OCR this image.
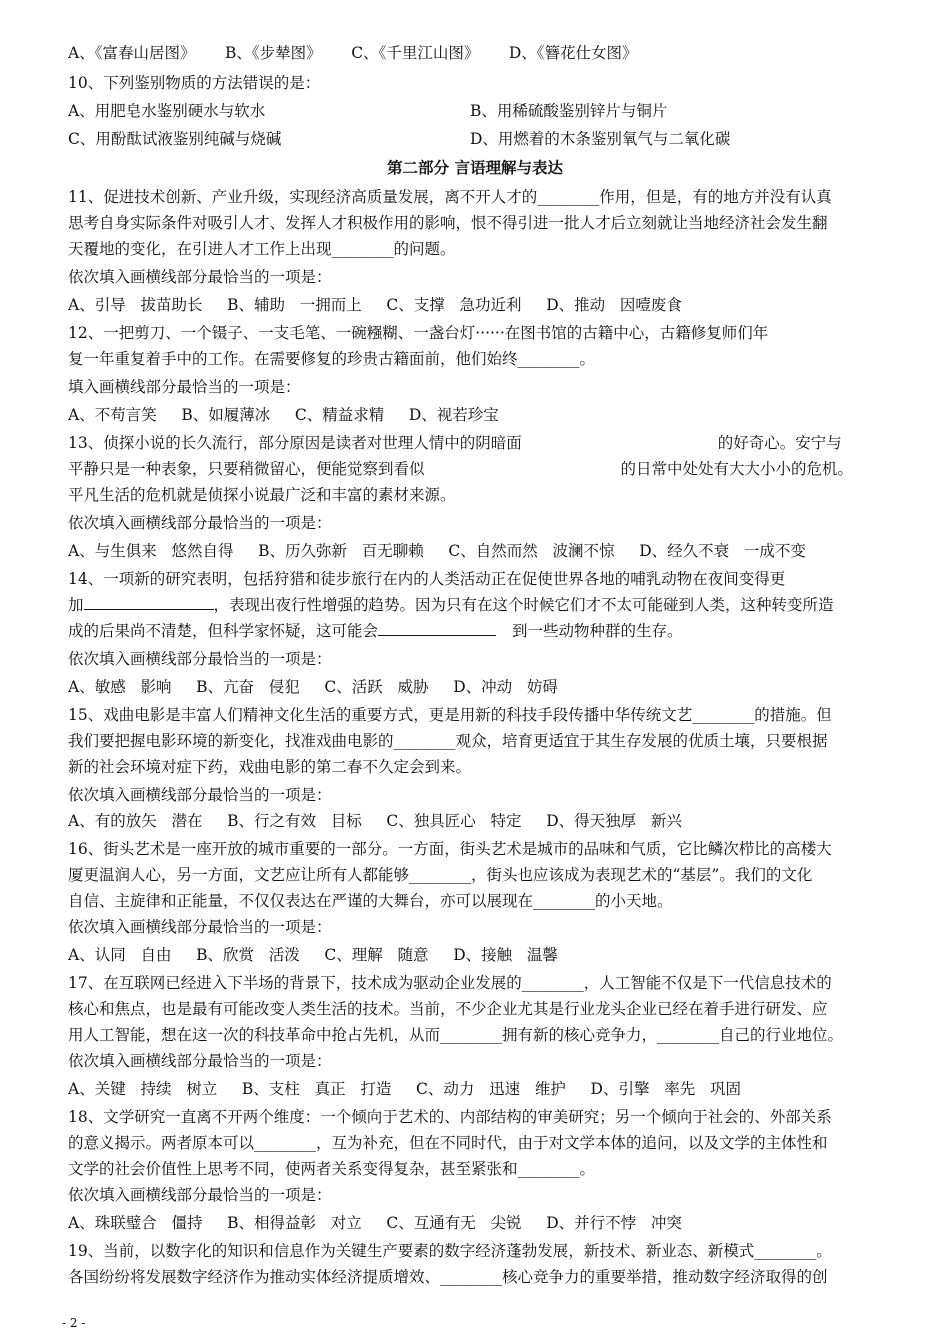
A、《富春山居图》      B、《步辇图》      C、《千里江山图》      D、《簪花仕女图》
10、下列鉴别物质的方法错误的是：
A、用肥皂水鉴别硬水与软水	B、用稀硫酸鉴别锌片与铜片
C、用酚酞试液鉴别纯碱与烧碱	D、用燃着的木条鉴别氧气与二氧化碳
第二部分 言语理解与表达
11、促进技术创新、产业升级，实现经济高质量发展，离不开人才的________作用，但是，有的地方并没有认真
思考自身实际条件对吸引人才、发挥人才积极作用的影响，恨不得引进一批人才后立刻就让当地经济社会发生翻
天覆地的变化，在引进人才工作上出现________的问题。
依次填入画横线部分最恰当的一项是：
A、引导   拔苗助长     B、辅助   一拥而上     C、支撑   急功近利     D、推动   因噎废食
12、一把剪刀、一个镊子、一支毛笔、一碗糨糊、一盏台灯······在图书馆的古籍中心，古籍修复师们年
复一年重复着手中的工作。在需要修复的珍贵古籍面前，他们始终________。
填入画横线部分最恰当的一项是：
A、不苟言笑     B、如履薄冰     C、精益求精     D、视若珍宝
13、侦探小说的长久流行，部分原因是读者对世理人情中的阴暗面	的好奇心。安宁与
平静只是一种表象，只要稍微留心，便能觉察到看似	的日常中处处有大大小小的危机。
平凡生活的危机就是侦探小说最广泛和丰富的素材来源。
依次填入画横线部分最恰当的一项是：
A、与生俱来   悠然自得     B、历久弥新   百无聊赖     C、自然而然   波澜不惊     D、经久不衰   一成不变
14、一项新的研究表明，包括狩猎和徒步旅行在内的人类活动正在促使世界各地的哺乳动物在夜间变得更
加	，表现出夜行性增强的趋势。因为只有在这个时候它们才不太可能碰到人类，这种转变所造
成的后果尚不清楚，但科学家怀疑，这可能会	到一些动物种群的生存。
依次填入画横线部分最恰当的一项是：
A、敏感   影响     B、亢奋   侵犯     C、活跃   威胁     D、冲动   妨碍
15、戏曲电影是丰富人们精神文化生活的重要方式，更是用新的科技手段传播中华传统文艺________的措施。但
我们要把握电影环境的新变化，找准戏曲电影的________观众，培育更适宜于其生存发展的优质土壤，只要根据
新的社会环境对症下药，戏曲电影的第二春不久定会到来。
依次填入画横线部分最恰当的一项是：
A、有的放矢   潜在     B、行之有效   目标     C、独具匠心   特定     D、得天独厚   新兴
16、街头艺术是一座开放的城市重要的一部分。一方面，街头艺术是城市的品味和气质，它比鳞次栉比的高楼大
厦更温润人心，另一方面，文艺应让所有人都能够________，街头也应该成为表现艺术的“基层”。我们的文化
自信、主旋律和正能量，不仅仅表达在严谨的大舞台，亦可以展现在________的小天地。
依次填入画横线部分最恰当的一项是：
A、认同   自由     B、欣赏   活泼     C、理解   随意     D、接触   温馨
17、在互联网已经进入下半场的背景下，技术成为驱动企业发展的________，人工智能不仅是下一代信息技术的
核心和焦点，也是最有可能改变人类生活的技术。当前，不少企业尤其是行业龙头企业已经在着手进行研发、应
用人工智能，想在这一次的科技革命中抢占先机，从而________拥有新的核心竞争力，________自己的行业地位。
依次填入画横线部分最恰当的一项是：
A、关键   持续   树立     B、支柱   真正   打造     C、动力   迅速   维护     D、引擎   率先   巩固
18、文学研究一直离不开两个维度：一个倾向于艺术的、内部结构的审美研究；另一个倾向于社会的、外部关系
的意义揭示。两者原本可以________，互为补充，但在不同时代，由于对文学本体的追问，以及文学的主体性和
文学的社会价值性上思考不同，使两者关系变得复杂，甚至紧张和________。
依次填入画横线部分最恰当的一项是：
A、珠联璧合   僵持     B、相得益彰   对立     C、互通有无   尖锐     D、并行不悖   冲突
19、当前，以数字化的知识和信息作为关键生产要素的数字经济蓬勃发展，新技术、新业态、新模式________。
各国纷纷将发展数字经济作为推动实体经济提质增效、________核心竞争力的重要举措，推动数字经济取得的创
- 2 -
